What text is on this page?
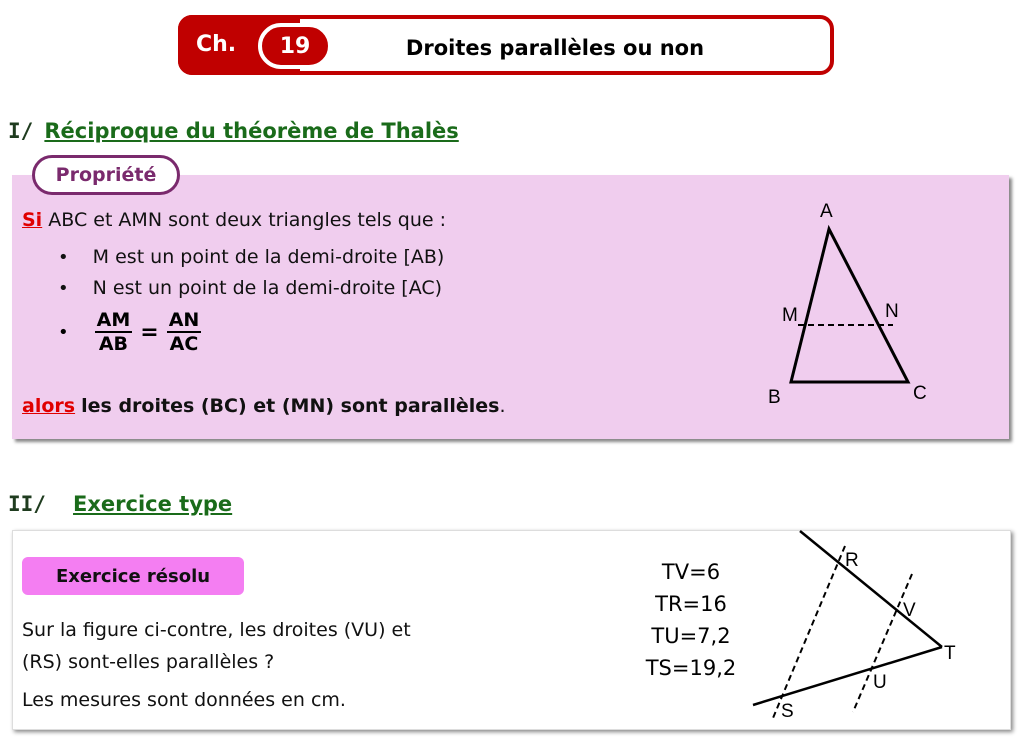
Ch.	19	Droites parallèles ou non
I/ Réciproque du théorème de Thalès
Propriété
Si ABC et AMN sont deux triangles tels que :
• M est un point de la demi-droite [AB)
• N est un point de la demi-droite [AC)
• $\frac{AM}{AB} = \frac{AN}{AC}$
alors les droites (BC) et (MN) sont parallèles.
A
B	C
M	N
II/ Exercice type
Exercice résolu
Sur la figure ci-contre, les droites (VU) et
(RS) sont-elles parallèles ?
Les mesures sont données en cm.
TV=6
TR=16
TU=7,2
TS=19,2
R
V
T
U
S
